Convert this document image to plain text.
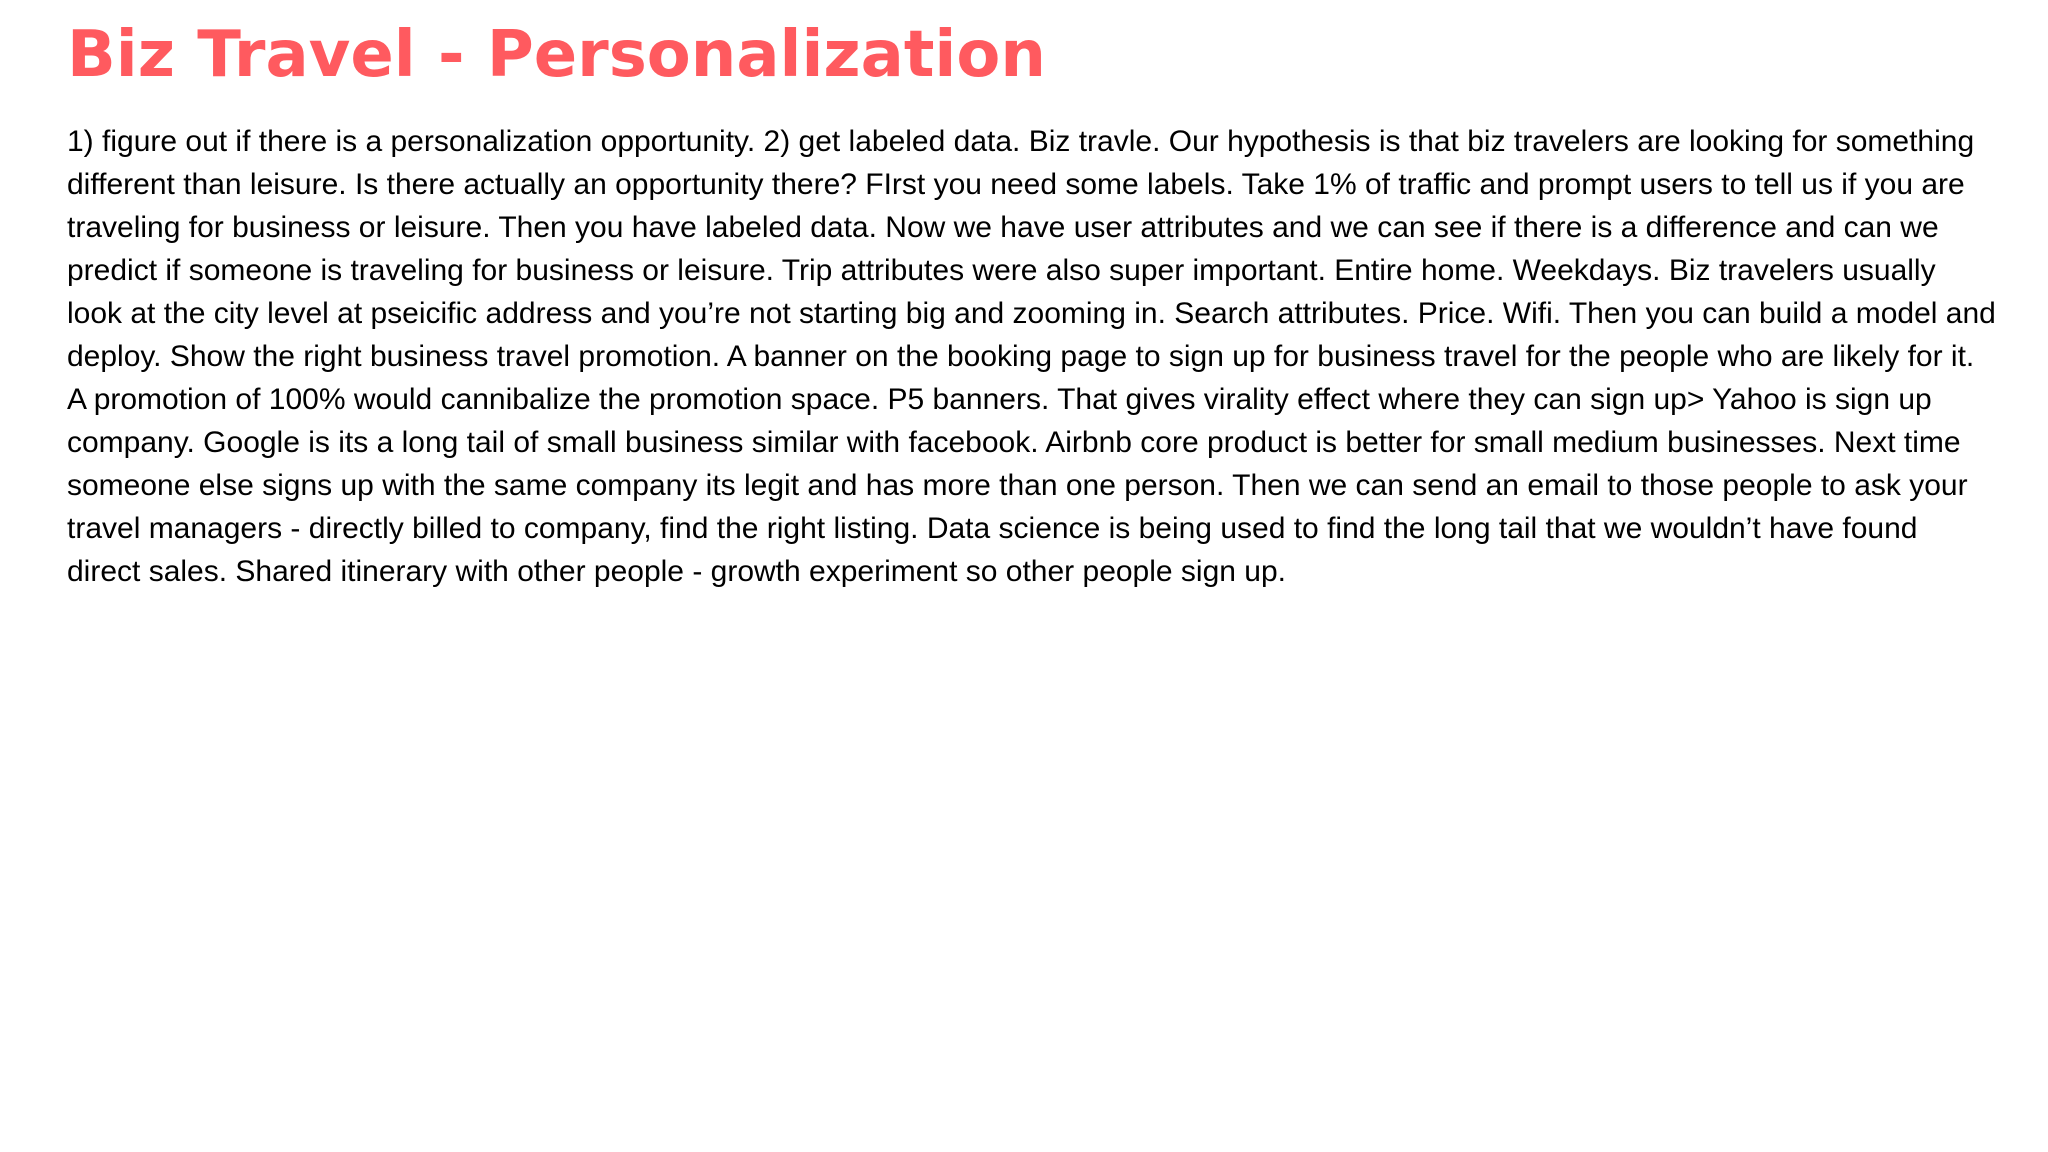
Biz Travel - Personalization

1) figure out if there is a personalization opportunity. 2) get labeled data. Biz travle. Our hypothesis is that biz travelers are looking for something different than leisure. Is there actually an opportunity there? FIrst you need some labels. Take 1% of traffic and prompt users to tell us if you are traveling for business or leisure. Then you have labeled data. Now we have user attributes and we can see if there is a difference and can we predict if someone is traveling for business or leisure. Trip attributes were also super important. Entire home. Weekdays. Biz travelers usually look at the city level at pseicific address and you’re not starting big and zooming in. Search attributes. Price. Wifi. Then you can build a model and deploy. Show the right business travel promotion. A banner on the booking page to sign up for business travel for the people who are likely for it. A promotion of 100% would cannibalize the promotion space. P5 banners. That gives virality effect where they can sign up> Yahoo is sign up company. Google is its a long tail of small business similar with facebook. Airbnb core product is better for small medium businesses. Next time someone else signs up with the same company its legit and has more than one person. Then we can send an email to those people to ask your travel managers - directly billed to company, find the right listing. Data science is being used to find the long tail that we wouldn’t have found direct sales. Shared itinerary with other people - growth experiment so other people sign up.
